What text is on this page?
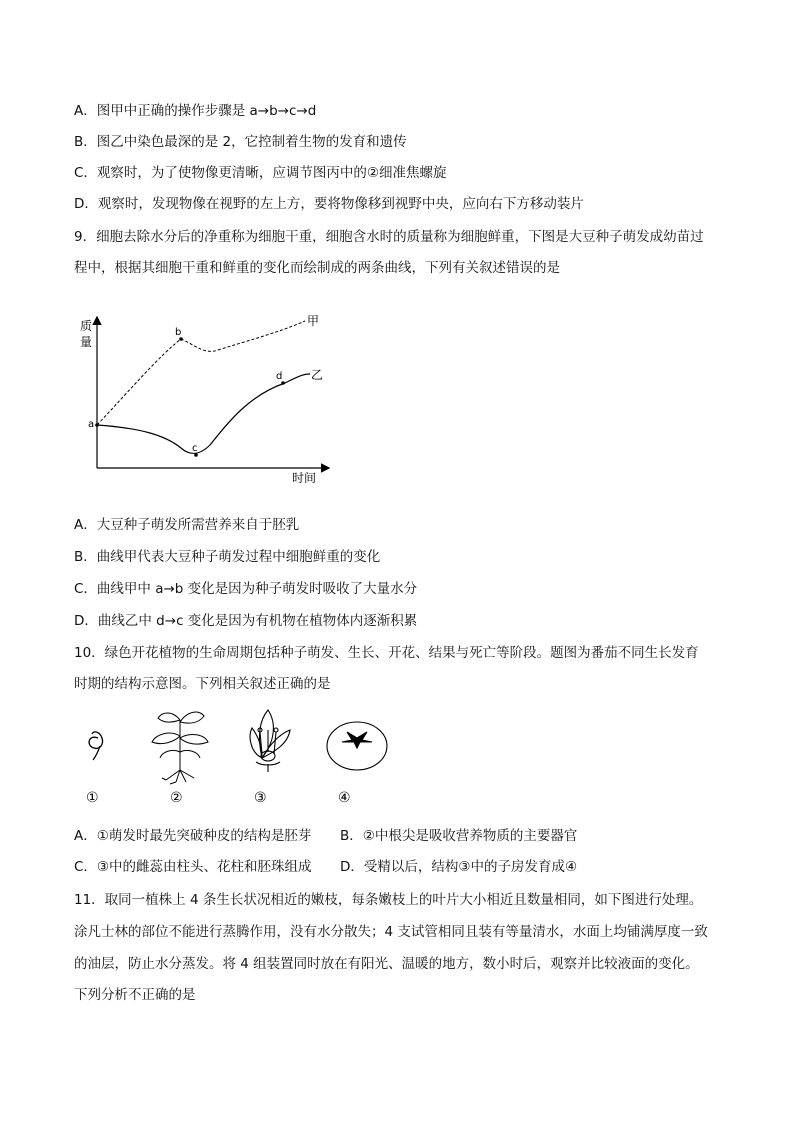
A．图甲中正确的操作步骤是 a→b→c→d
B．图乙中染色最深的是 2，它控制着生物的发育和遗传
C．观察时，为了使物像更清晰，应调节图丙中的②细准焦螺旋
D．观察时，发现物像在视野的左上方，要将物像移到视野中央，应向右下方移动装片
9．细胞去除水分后的净重称为细胞干重，细胞含水时的质量称为细胞鲜重，下图是大豆种子萌发成幼苗过
程中，根据其细胞干重和鲜重的变化而绘制成的两条曲线，下列有关叙述错误的是
质
量
时间
甲
乙
a
b
c
d
A．大豆种子萌发所需营养来自于胚乳
B．曲线甲代表大豆种子萌发过程中细胞鲜重的变化
C．曲线甲中 a→b 变化是因为种子萌发时吸收了大量水分
D．曲线乙中 d→c 变化是因为有机物在植物体内逐渐积累
10．绿色开花植物的生命周期包括种子萌发、生长、开花、结果与死亡等阶段。题图为番茄不同生长发育
时期的结构示意图。下列相关叙述正确的是
①	②	③	④
A．①萌发时最先突破种皮的结构是胚芽 B．②中根尖是吸收营养物质的主要器官
C．③中的雌蕊由柱头、花柱和胚珠组成 D．受精以后，结构③中的子房发育成④
11．取同一植株上 4 条生长状况相近的嫩枝，每条嫩枝上的叶片大小相近且数量相同，如下图进行处理。
涂凡士林的部位不能进行蒸腾作用，没有水分散失；4 支试管相同且装有等量清水，水面上均铺满厚度一致
的油层，防止水分蒸发。将 4 组装置同时放在有阳光、温暖的地方，数小时后，观察并比较液面的变化。
下列分析不正确的是
